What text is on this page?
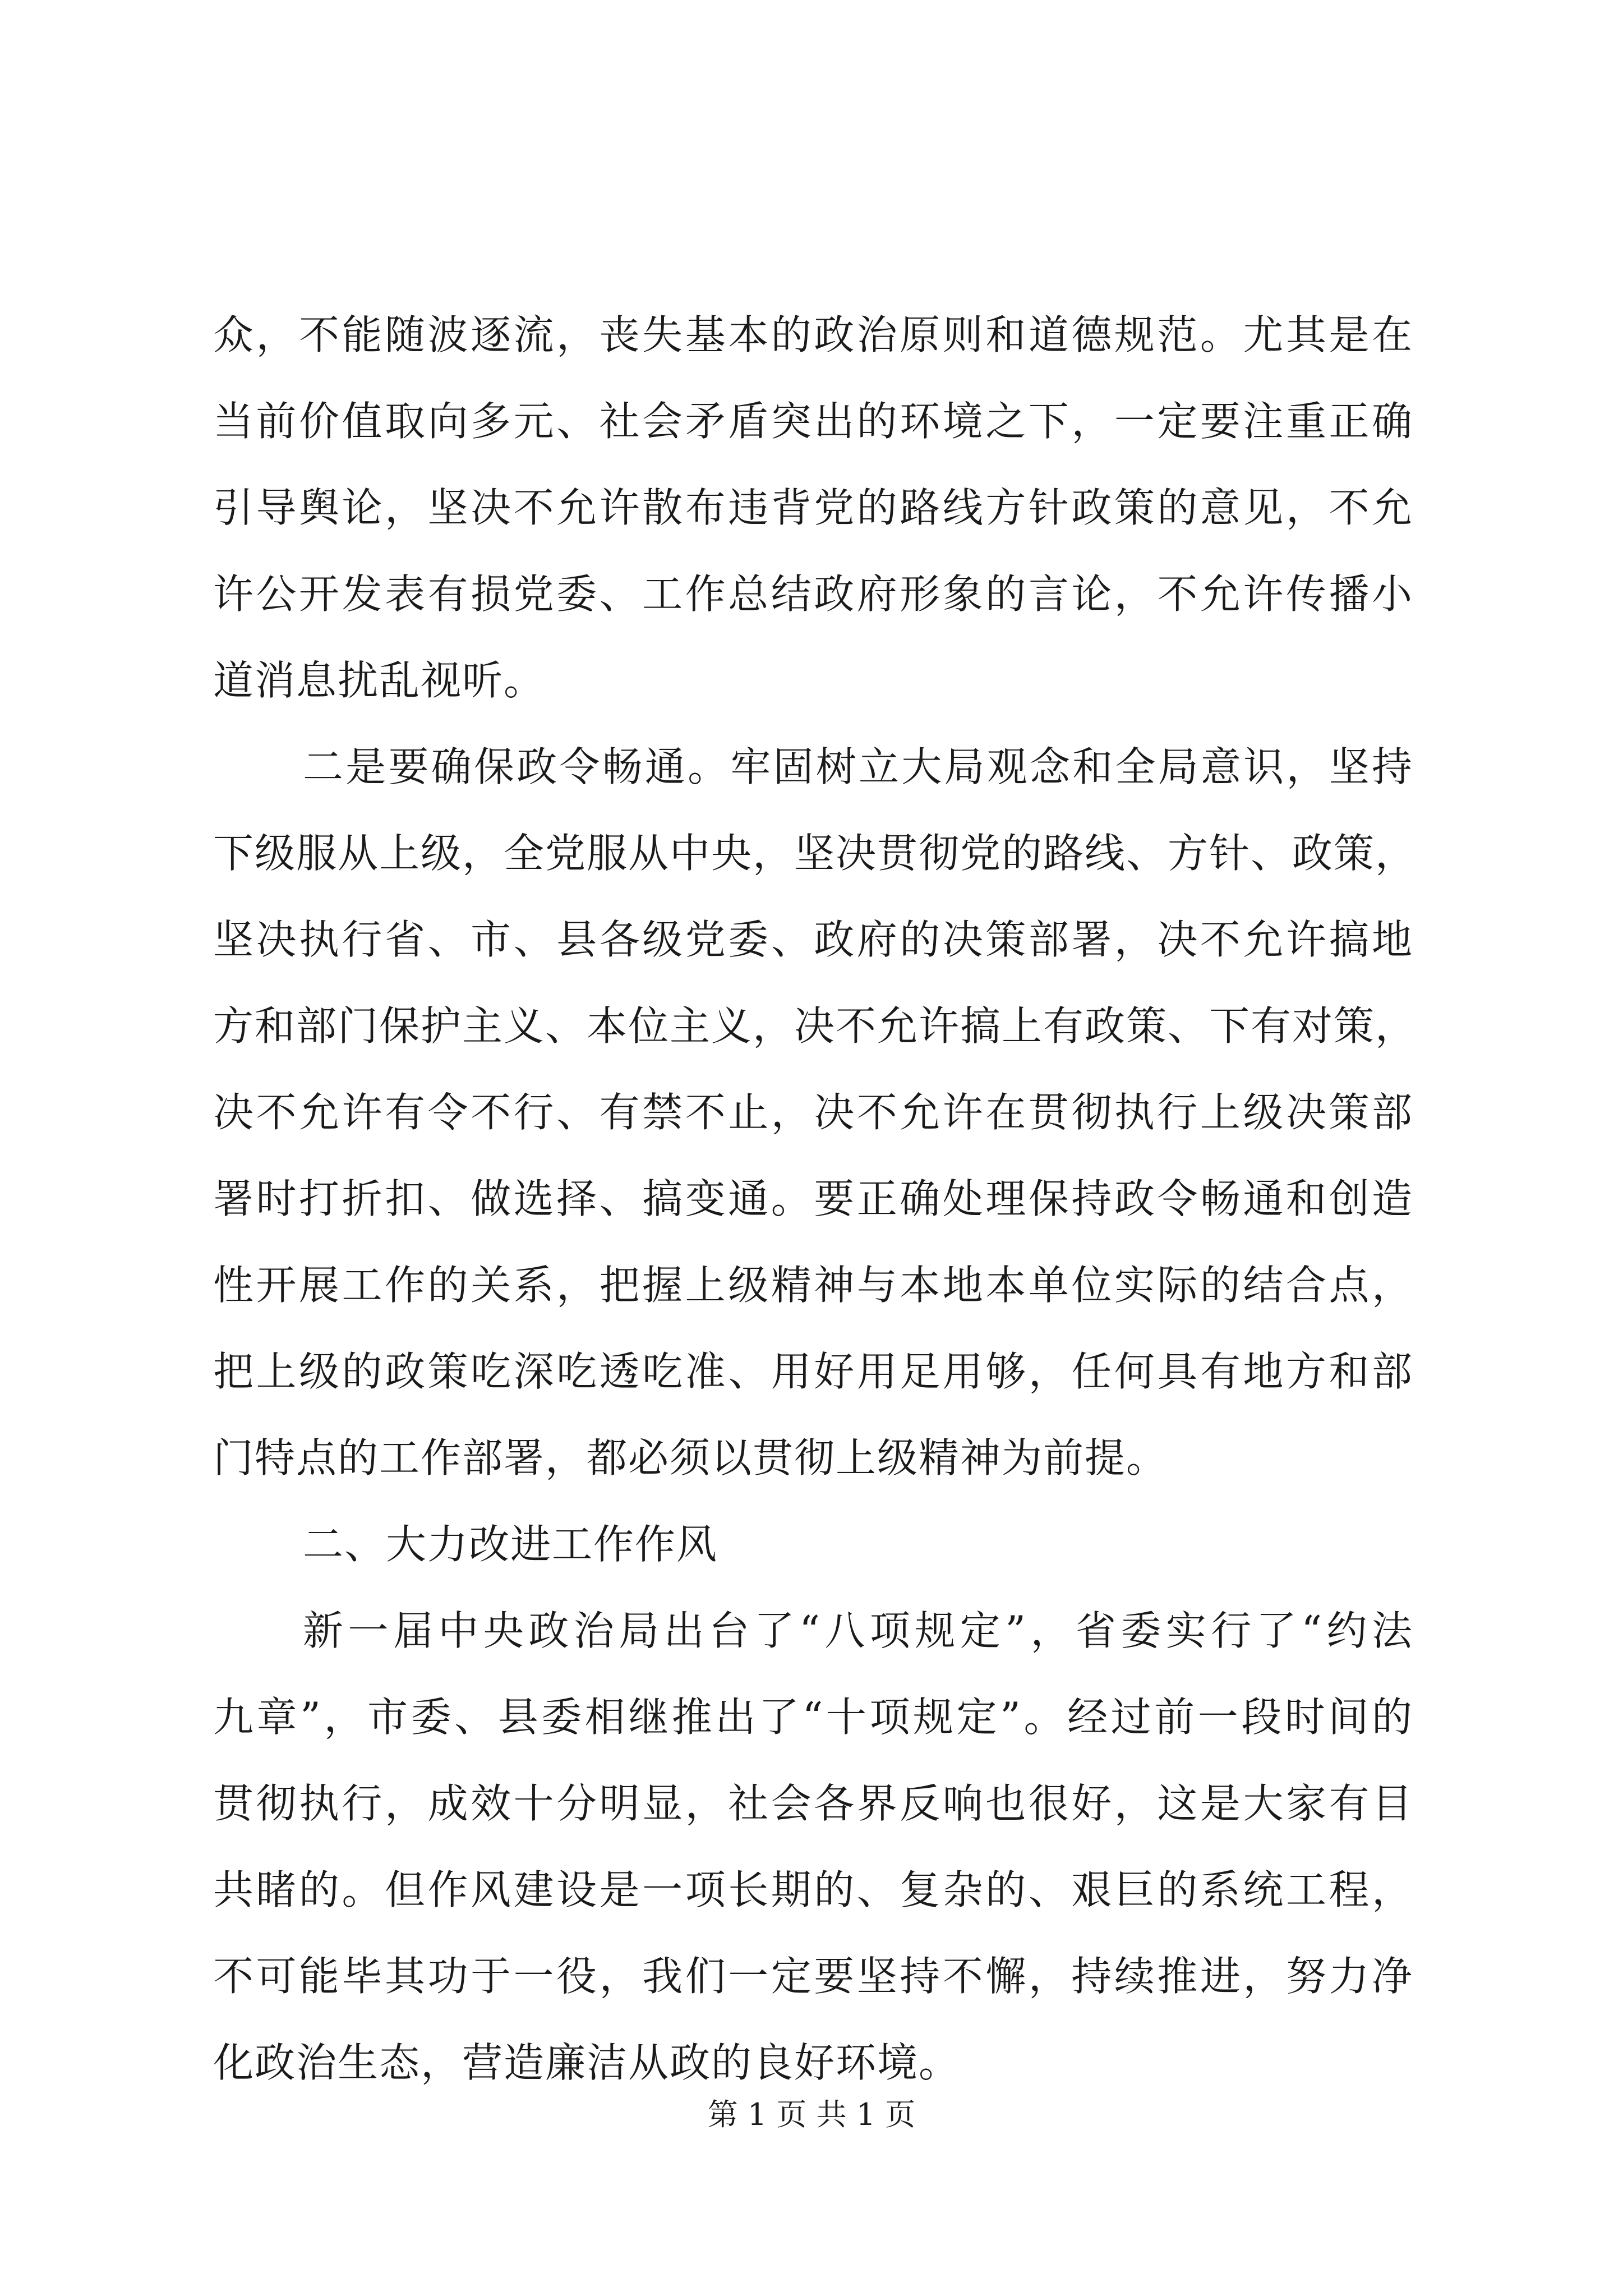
众，不能随波逐流，丧失基本的政治原则和道德规范。尤其是在
当前价值取向多元、社会矛盾突出的环境之下，一定要注重正确
引导舆论，坚决不允许散布违背党的路线方针政策的意见，不允
许公开发表有损党委、工作总结政府形象的言论，不允许传播小
道消息扰乱视听。
二是要确保政令畅通。牢固树立大局观念和全局意识，坚持
下级服从上级，全党服从中央，坚决贯彻党的路线、方针、政策，
坚决执行省、市、县各级党委、政府的决策部署，决不允许搞地
方和部门保护主义、本位主义，决不允许搞上有政策、下有对策，
决不允许有令不行、有禁不止，决不允许在贯彻执行上级决策部
署时打折扣、做选择、搞变通。要正确处理保持政令畅通和创造
性开展工作的关系，把握上级精神与本地本单位实际的结合点，
把上级的政策吃深吃透吃准、用好用足用够，任何具有地方和部
门特点的工作部署，都必须以贯彻上级精神为前提。
二、大力改进工作作风
新一届中央政治局出台了“八项规定”，省委实行了“约法
九章”，市委、县委相继推出了“十项规定”。经过前一段时间的
贯彻执行，成效十分明显，社会各界反响也很好，这是大家有目
共睹的。但作风建设是一项长期的、复杂的、艰巨的系统工程，
不可能毕其功于一役，我们一定要坚持不懈，持续推进，努力净
化政治生态，营造廉洁从政的良好环境。
第 1 页 共 1 页
